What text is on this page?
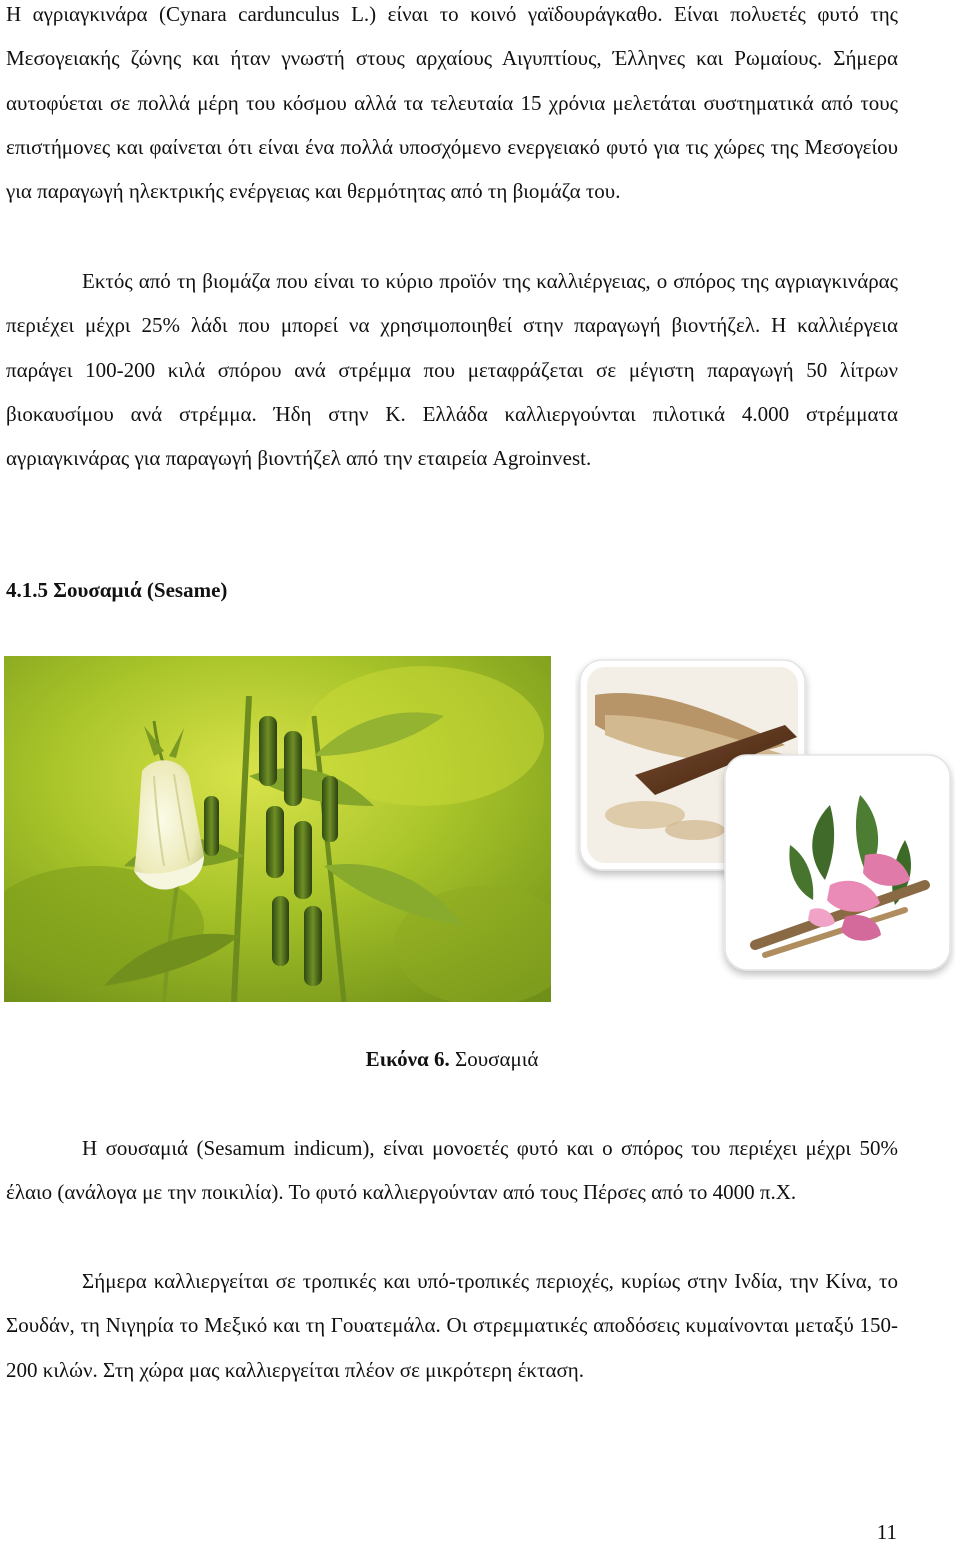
Η αγριαγκινάρα (Cynara cardunculus L.) είναι το κοινό γαϊδουράγκαθο. Είναι πολυετές φυτό της Μεσογειακής ζώνης και ήταν γνωστή στους αρχαίους Αιγυπτίους, Έλληνες και Ρωμαίους. Σήμερα αυτοφύεται σε πολλά μέρη του κόσμου αλλά τα τελευταία 15 χρόνια μελετάται συστηματικά από τους επιστήμονες και φαίνεται ότι είναι ένα πολλά υποσχόμενο ενεργειακό φυτό για τις χώρες της Μεσογείου για παραγωγή ηλεκτρικής ενέργειας και θερμότητας από τη βιομάζα του.

Εκτός από τη βιομάζα που είναι το κύριο προϊόν της καλλιέργειας, ο σπόρος της αγριαγκινάρας περιέχει μέχρι 25% λάδι που μπορεί να χρησιμοποιηθεί στην παραγωγή βιοντήζελ. Η καλλιέργεια παράγει 100-200 κιλά σπόρου ανά στρέμμα που μεταφράζεται σε μέγιστη παραγωγή 50 λίτρων βιοκαυσίμου ανά στρέμμα. Ήδη στην Κ. Ελλάδα καλλιεργούνται πιλοτικά 4.000 στρέμματα αγριαγκινάρας για παραγωγή βιοντήζελ από την εταιρεία Agroinvest.

4.1.5 Σουσαμιά (Sesame)

Εικόνα 6. Σουσαμιά

Η σουσαμιά (Sesamum indicum), είναι μονοετές φυτό και ο σπόρος του περιέχει μέχρι 50% έλαιο (ανάλογα με την ποικιλία). Το φυτό καλλιεργούνταν από τους Πέρσες από το 4000 π.Χ.

Σήμερα καλλιεργείται σε τροπικές και υπό-τροπικές περιοχές, κυρίως στην Ινδία, την Κίνα, το Σουδάν, τη Νιγηρία το Μεξικό και τη Γουατεμάλα. Οι στρεμματικές αποδόσεις κυμαίνονται μεταξύ 150-200 κιλών. Στη χώρα μας καλλιεργείται πλέον σε μικρότερη έκταση.

11
